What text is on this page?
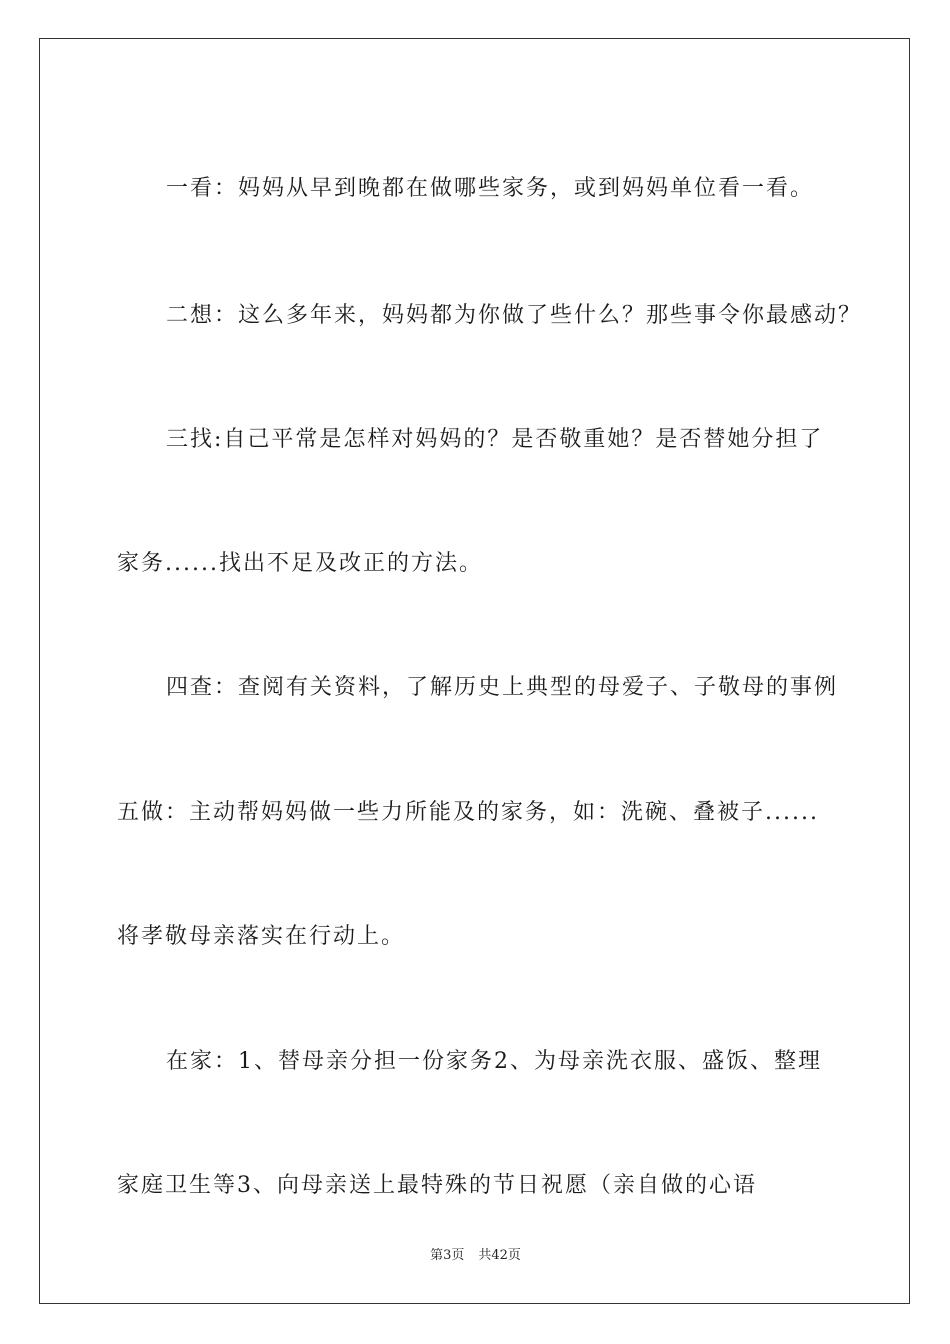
一看：妈妈从早到晚都在做哪些家务，或到妈妈单位看一看。
二想：这么多年来，妈妈都为你做了些什么？那些事令你最感动？
三找:自己平常是怎样对妈妈的？是否敬重她？是否替她分担了
家务......找出不足及改正的方法。
四查：查阅有关资料，了解历史上典型的母爱子、子敬母的事例
五做：主动帮妈妈做一些力所能及的家务，如：洗碗、叠被子......
将孝敬母亲落实在行动上。
在家：1、替母亲分担一份家务2、为母亲洗衣服、盛饭、整理
家庭卫生等3、向母亲送上最特殊的节日祝愿（亲自做的心语
第3页 共42页
